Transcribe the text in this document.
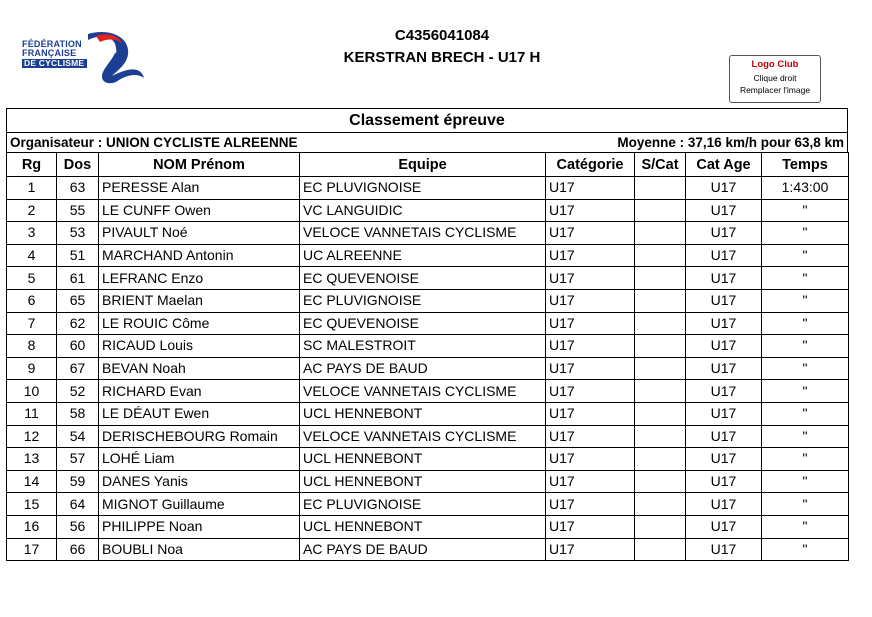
FÉDÉRATION
FRANÇAISE
DE CYCLISME
C4356041084
KERSTRAN BRECH - U17 H	Logo Club
Clique droit
Remplacer l'image
Classement épreuve
Organisateur : UNION CYCLISTE ALREENNE	Moyenne : 37,16 km/h pour 63,8 km
Rg	Dos	NOM Prénom	Equipe	Catégorie	S/Cat	Cat Age	Temps
1	63	PERESSE Alan	EC PLUVIGNOISE	U17		U17	1:43:00
2	55	LE CUNFF Owen	VC LANGUIDIC	U17		U17	"
3	53	PIVAULT Noé	VELOCE VANNETAIS CYCLISME	U17		U17	"
4	51	MARCHAND Antonin	UC ALREENNE	U17		U17	"
5	61	LEFRANC Enzo	EC QUEVENOISE	U17		U17	"
6	65	BRIENT Maelan	EC PLUVIGNOISE	U17		U17	"
7	62	LE ROUIC Côme	EC QUEVENOISE	U17		U17	"
8	60	RICAUD Louis	SC MALESTROIT	U17		U17	"
9	67	BEVAN Noah	AC PAYS DE BAUD	U17		U17	"
10	52	RICHARD Evan	VELOCE VANNETAIS CYCLISME	U17		U17	"
11	58	LE DÉAUT Ewen	UCL HENNEBONT	U17		U17	"
12	54	DERISCHEBOURG Romain	VELOCE VANNETAIS CYCLISME	U17		U17	"
13	57	LOHÉ Liam	UCL HENNEBONT	U17		U17	"
14	59	DANES Yanis	UCL HENNEBONT	U17		U17	"
15	64	MIGNOT Guillaume	EC PLUVIGNOISE	U17		U17	"
16	56	PHILIPPE Noan	UCL HENNEBONT	U17		U17	"
17	66	BOUBLI Noa	AC PAYS DE BAUD	U17		U17	"
